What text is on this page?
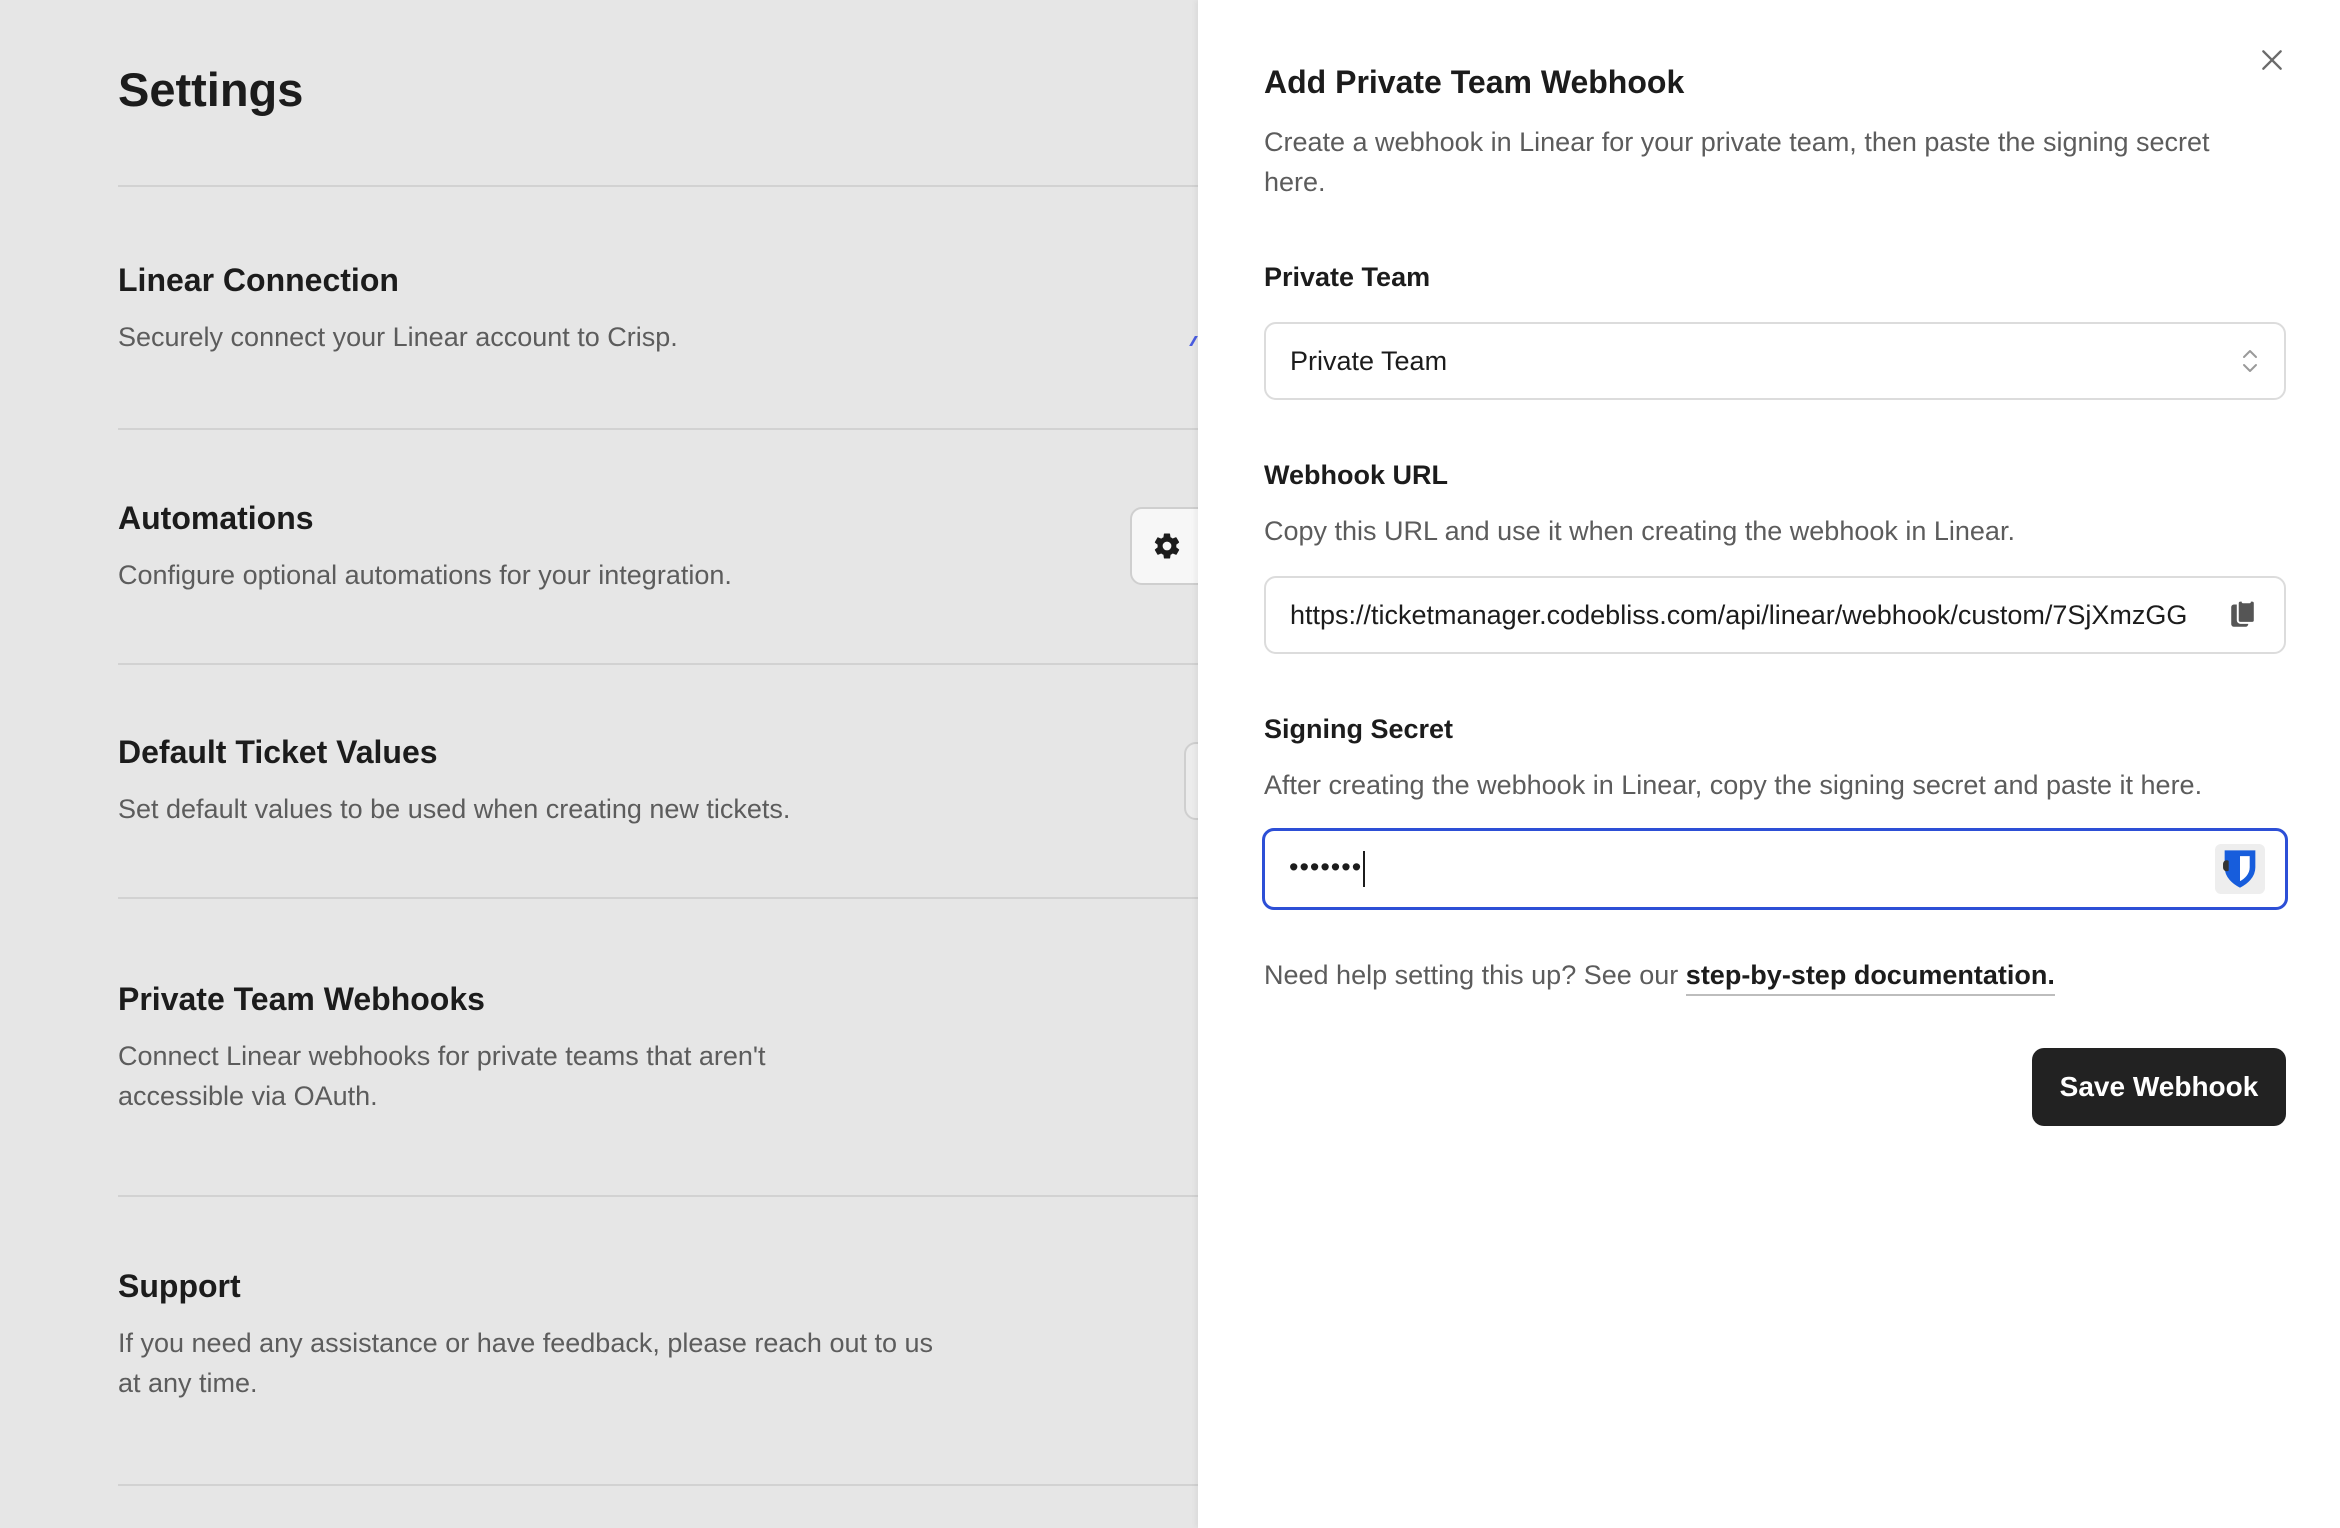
Settings
Linear Connection

Securely connect your Linear account to Crisp.

Automations

Configure optional automations for your integration.

Default Ticket Values

Set default values to be used when creating new tickets.

Private Team Webhooks

Connect Linear webhooks for private teams that aren't accessible via OAuth.

Support

If you need any assistance or have feedback, please reach out to us at any time.

Add Private Team Webhook

Create a webhook in Linear for your private team, then paste the signing secret here.

Private Team

Private Team

Webhook URL

Copy this URL and use it when creating the webhook in Linear.

https://ticketmanager.codebliss.com/api/linear/webhook/custom/7SjXmzGG

Signing Secret

After creating the webhook in Linear, copy the signing secret and paste it here.

•••••••

Need help setting this up? See our step-by-step documentation.

Save Webhook
